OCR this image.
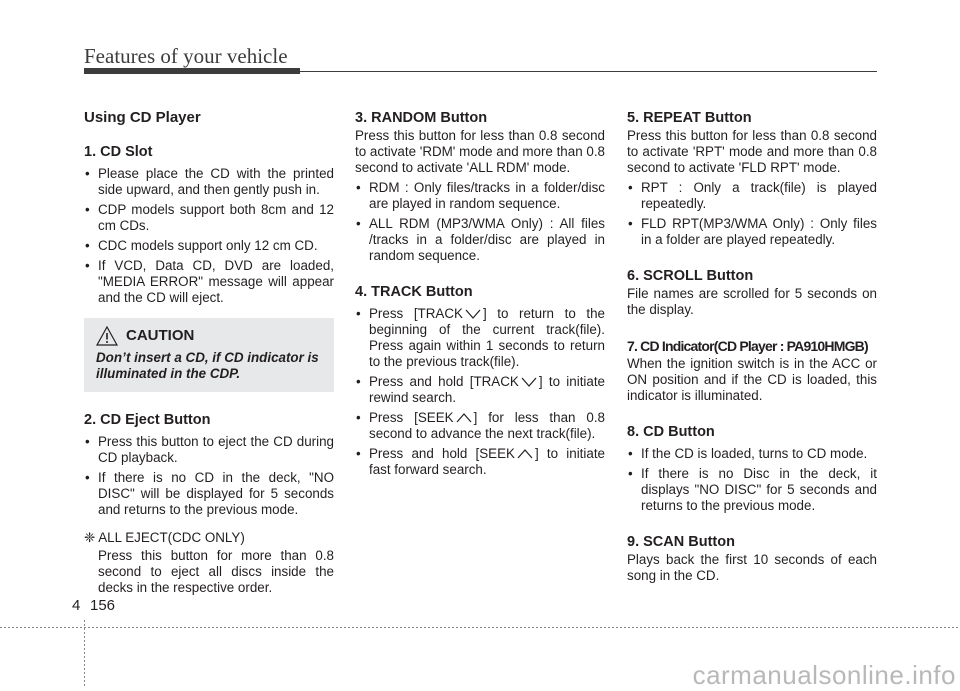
Features of your vehicle
Using CD Player
1. CD Slot
• Please place the CD with the printed side upward, and then gently push in.
• CDP models support both 8cm and 12 cm CDs.
• CDC models support only 12 cm CD.
• If VCD, Data CD, DVD are loaded, "MEDIA ERROR" message will appear and the CD will eject.
CAUTION
Don’t insert a CD, if CD indicator is illuminated in the CDP.
2. CD Eject Button
• Press this button to eject the CD during CD playback.
• If there is no CD in the deck, "NO DISC" will be displayed for 5 seconds and returns to the previous mode.
❈ ALL EJECT(CDC ONLY)
Press this button for more than 0.8 second to eject all discs inside the decks in the respective order.
3. RANDOM Button

Press this button for less than 0.8 second to activate 'RDM' mode and more than 0.8 second to activate 'ALL RDM' mode.

• RDM : Only files/tracks in a folder/disc are played in random sequence.
• ALL RDM (MP3/WMA Only) : All files /tracks in a folder/disc are played in random sequence.
4. TRACK Button
• Press [TRACK ] to return to the beginning of the current track(file). Press again within 1 seconds to return to the previous track(file).
• Press and hold [TRACK ] to initiate rewind search.
• Press [SEEK ] for less than 0.8 second to advance the next track(file).
• Press and hold [SEEK ] to initiate fast forward search.
5. REPEAT Button

Press this button for less than 0.8 second to activate 'RPT' mode and more than 0.8 second to activate 'FLD RPT' mode.

• RPT : Only a track(file) is played repeatedly.
• FLD RPT(MP3/WMA Only) : Only files in a folder are played repeatedly.
6. SCROLL Button

File names are scrolled for 5 seconds on the display.

7. CD Indicator(CD Player : PA910HMGB)

When the ignition switch is in the ACC or ON position and if the CD is loaded, this indicator is illuminated.

8. CD Button
• If the CD is loaded, turns to CD mode.
• If there is no Disc in the deck, it displays "NO DISC" for 5 seconds and returns to the previous mode.
9. SCAN Button

Plays back the first 10 seconds of each song in the CD.

4 156
carmanualsonline.info
